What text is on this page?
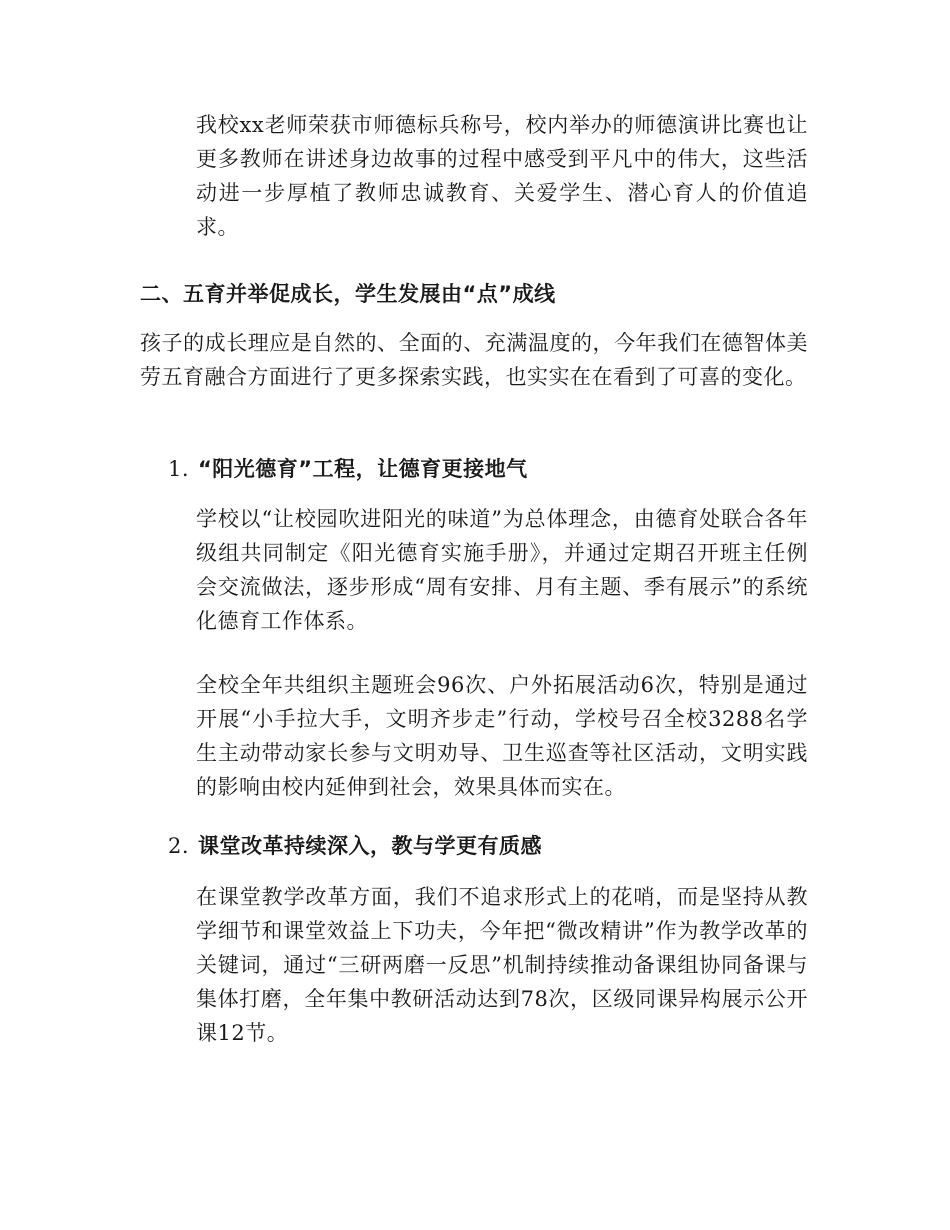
我校xx老师荣获市师德标兵称号，校内举办的师德演讲比赛也让更多教师在讲述身边故事的过程中感受到平凡中的伟大，这些活动进一步厚植了教师忠诚教育、关爱学生、潜心育人的价值追求。

二、五育并举促成长，学生发展由“点”成线

孩子的成长理应是自然的、全面的、充满温度的，今年我们在德智体美劳五育融合方面进行了更多探索实践，也实实在在看到了可喜的变化。

1. “阳光德育”工程，让德育更接地气

学校以“让校园吹进阳光的味道”为总体理念，由德育处联合各年级组共同制定《阳光德育实施手册》，并通过定期召开班主任例会交流做法，逐步形成“周有安排、月有主题、季有展示”的系统化德育工作体系。

全校全年共组织主题班会96次、户外拓展活动6次，特别是通过开展“小手拉大手，文明齐步走”行动，学校号召全校3288名学生主动带动家长参与文明劝导、卫生巡查等社区活动，文明实践的影响由校内延伸到社会，效果具体而实在。

2. 课堂改革持续深入，教与学更有质感

在课堂教学改革方面，我们不追求形式上的花哨，而是坚持从教学细节和课堂效益上下功夫，今年把“微改精讲”作为教学改革的关键词，通过“三研两磨一反思”机制持续推动备课组协同备课与集体打磨，全年集中教研活动达到78次，区级同课异构展示公开课12节。
